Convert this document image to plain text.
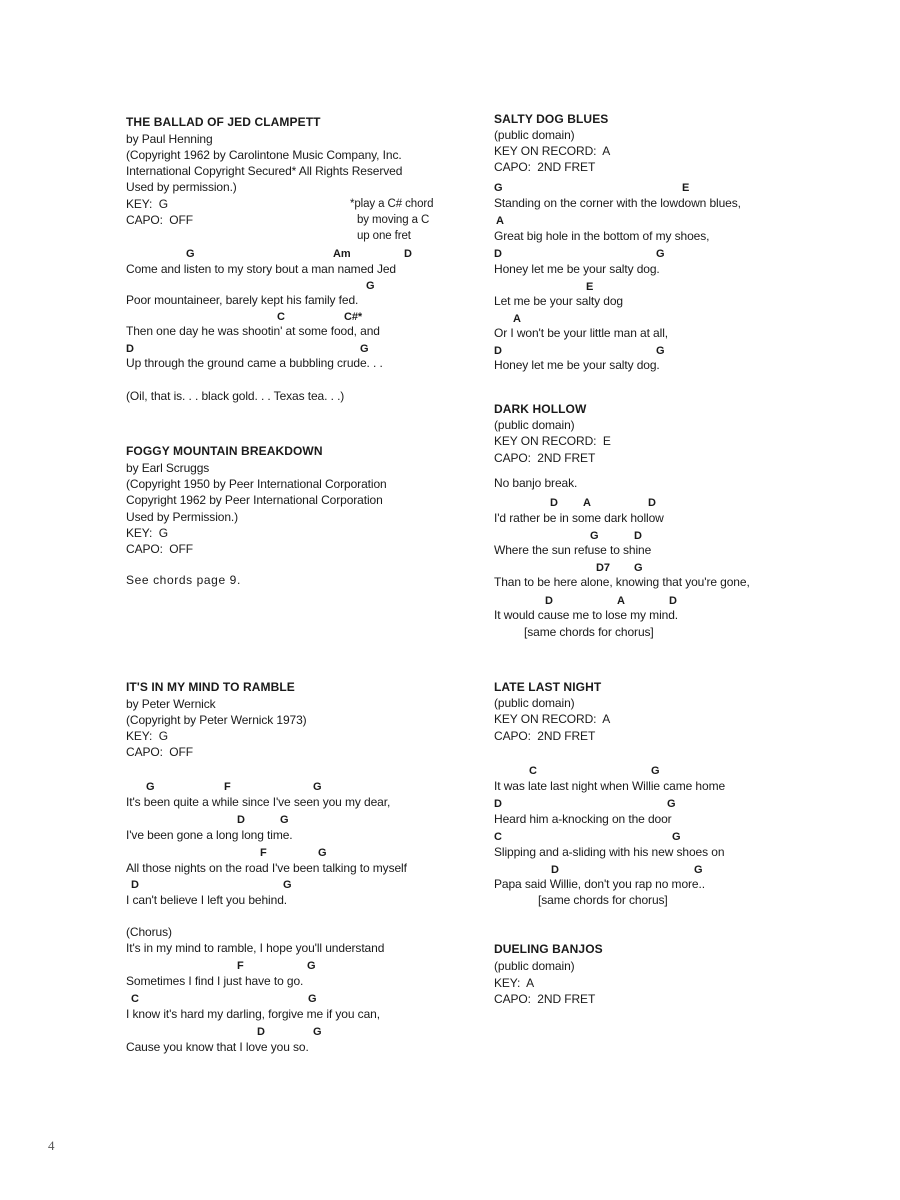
THE BALLAD OF JED CLAMPETT
by Paul Henning
(Copyright 1962 by Carolintone Music Company, Inc.
International Copyright Secured* All Rights Reserved
Used by permission.)
KEY:  G
CAPO:  OFF
*play a C# chord
by moving a C
up one fret
G	Am	D
Come and listen to my story bout a man named Jed
G
Poor mountaineer, barely kept his family fed.
C	C#*
Then one day he was shootin' at some food, and
D	G
Up through the ground came a bubbling crude. . .
(Oil, that is. . . black gold. . . Texas tea. . .)
FOGGY MOUNTAIN BREAKDOWN
by Earl Scruggs
(Copyright 1950 by Peer International Corporation
Copyright 1962 by Peer International Corporation
Used by Permission.)
KEY:  G
CAPO:  OFF
See chords page 9.
IT'S IN MY MIND TO RAMBLE
by Peter Wernick
(Copyright by Peter Wernick 1973)
KEY:  G
CAPO:  OFF
G	F	G
It's been quite a while since I've seen you my dear,
D	G
I've been gone a long long time.
F	G
All those nights on the road I've been talking to myself
D	G
I can't believe I left you behind.
(Chorus)
It's in my mind to ramble, I hope you'll understand
F	G
Sometimes I find I just have to go.
C	G
I know it's hard my darling, forgive me if you can,
D	G
Cause you know that I love you so.
SALTY DOG BLUES
(public domain)
KEY ON RECORD:  A
CAPO:  2ND FRET
G	E
Standing on the corner with the lowdown blues,
A
Great big hole in the bottom of my shoes,
D	G
Honey let me be your salty dog.
E
Let me be your salty dog
A
Or I won't be your little man at all,
D	G
Honey let me be your salty dog.
DARK HOLLOW
(public domain)
KEY ON RECORD:  E
CAPO:  2ND FRET
No banjo break.
D A	D
I'd rather be in some dark hollow
G	D
Where the sun refuse to shine
D7 G
Than to be here alone, knowing that you're gone,
D	A	D
It would cause me to lose my mind.
[same chords for chorus]
LATE LAST NIGHT
(public domain)
KEY ON RECORD:  A
CAPO:  2ND FRET
C	G
It was late last night when Willie came home
D	G
Heard him a-knocking on the door
C	G
Slipping and a-sliding with his new shoes on
D	G
Papa said Willie, don't you rap no more..
[same chords for chorus]
DUELING BANJOS
(public domain)
KEY:  A
CAPO:  2ND FRET
4
